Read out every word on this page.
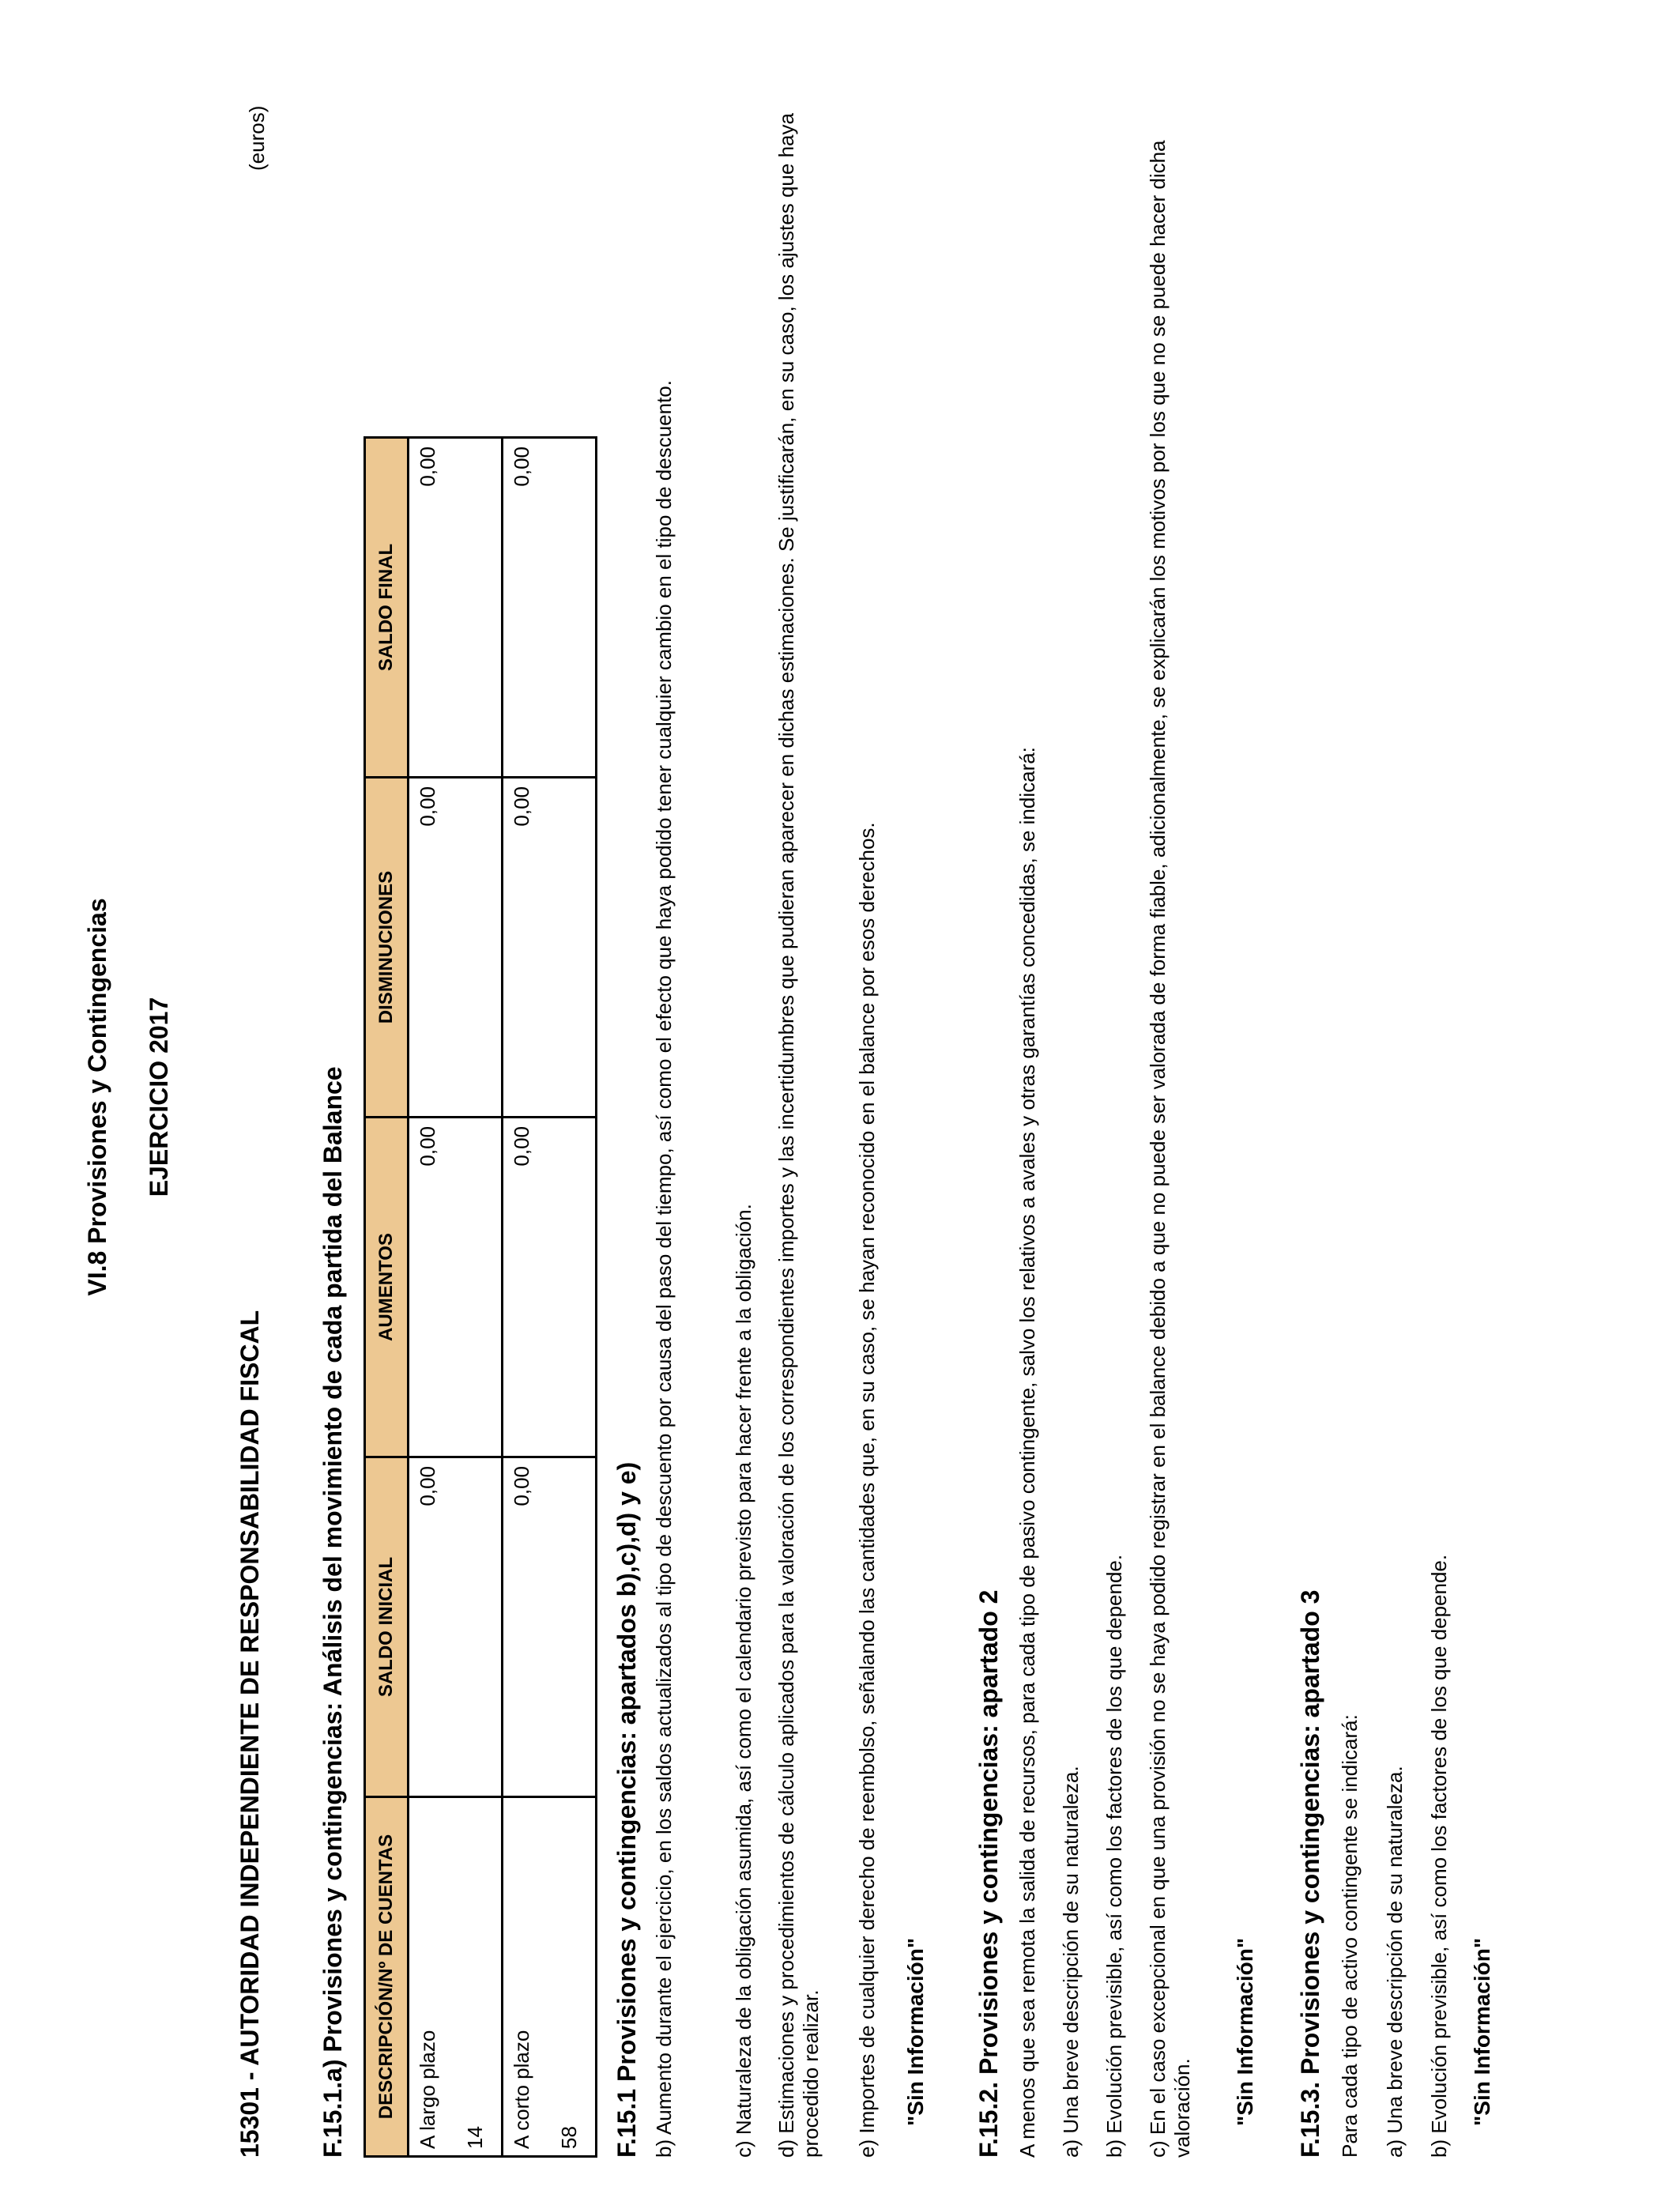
VI.8 Provisiones y Contingencias EJERCICIO 2017
15301 - AUTORIDAD INDEPENDIENTE DE RESPONSABILIDAD FISCAL
(euros)
F.15.1.a) Provisiones y contingencias: Análisis del movimiento de cada partida del Balance DESCRIPCIÓN/Nº DE CUENTAS	SALDO INICIAL	AUMENTOS	DISMINUCIONES	SALDO FINAL

A largo plazo 14	0,00	0,00	0,00	0,00

A corto plazo 58	0,00	0,00	0,00	0,00
F.15.1 Provisiones y contingencias: apartados b),c),d) y e) b) Aumento durante el ejercicio, en los saldos actualizados al tipo de descuento por causa del paso del tiempo, así como el efecto que haya podido tener cualquier cambio en el tipo de descuento.	c) Naturaleza de la obligación asumida, así como el calendario previsto para hacer frente a la obligación. d) Estimaciones y procedimientos de cálculo aplicados para la valoración de los correspondientes importes y las incertidumbres que pudieran aparecer en dichas estimaciones. Se justificarán, en su caso, los ajustes que haya procedido realizar. e) Importes de cualquier derecho de reembolso, señalando las cantidades que, en su caso, se hayan reconocido en el balance por esos derechos. "Sin Información" F.15.2. Provisiones y contingencias: apartado 2 A menos que sea remota la salida de recursos, para cada tipo de pasivo contingente, salvo los relativos a avales y otras garantías concedidas, se indicará: a) Una breve descripción de su naturaleza. b) Evolución previsible, así como los factores de los que depende. c) En el caso excepcional en que una provisión no se haya podido registrar en el balance debido a que no puede ser valorada de forma fiable, adicionalmente, se explicarán los motivos por los que no se puede hacer dicha valoración. "Sin Información" F.15.3. Provisiones y contingencias: apartado 3 Para cada tipo de activo contingente se indicará: a) Una breve descripción de su naturaleza. b) Evolución previsible, así como los factores de los que depende. "Sin Información"
